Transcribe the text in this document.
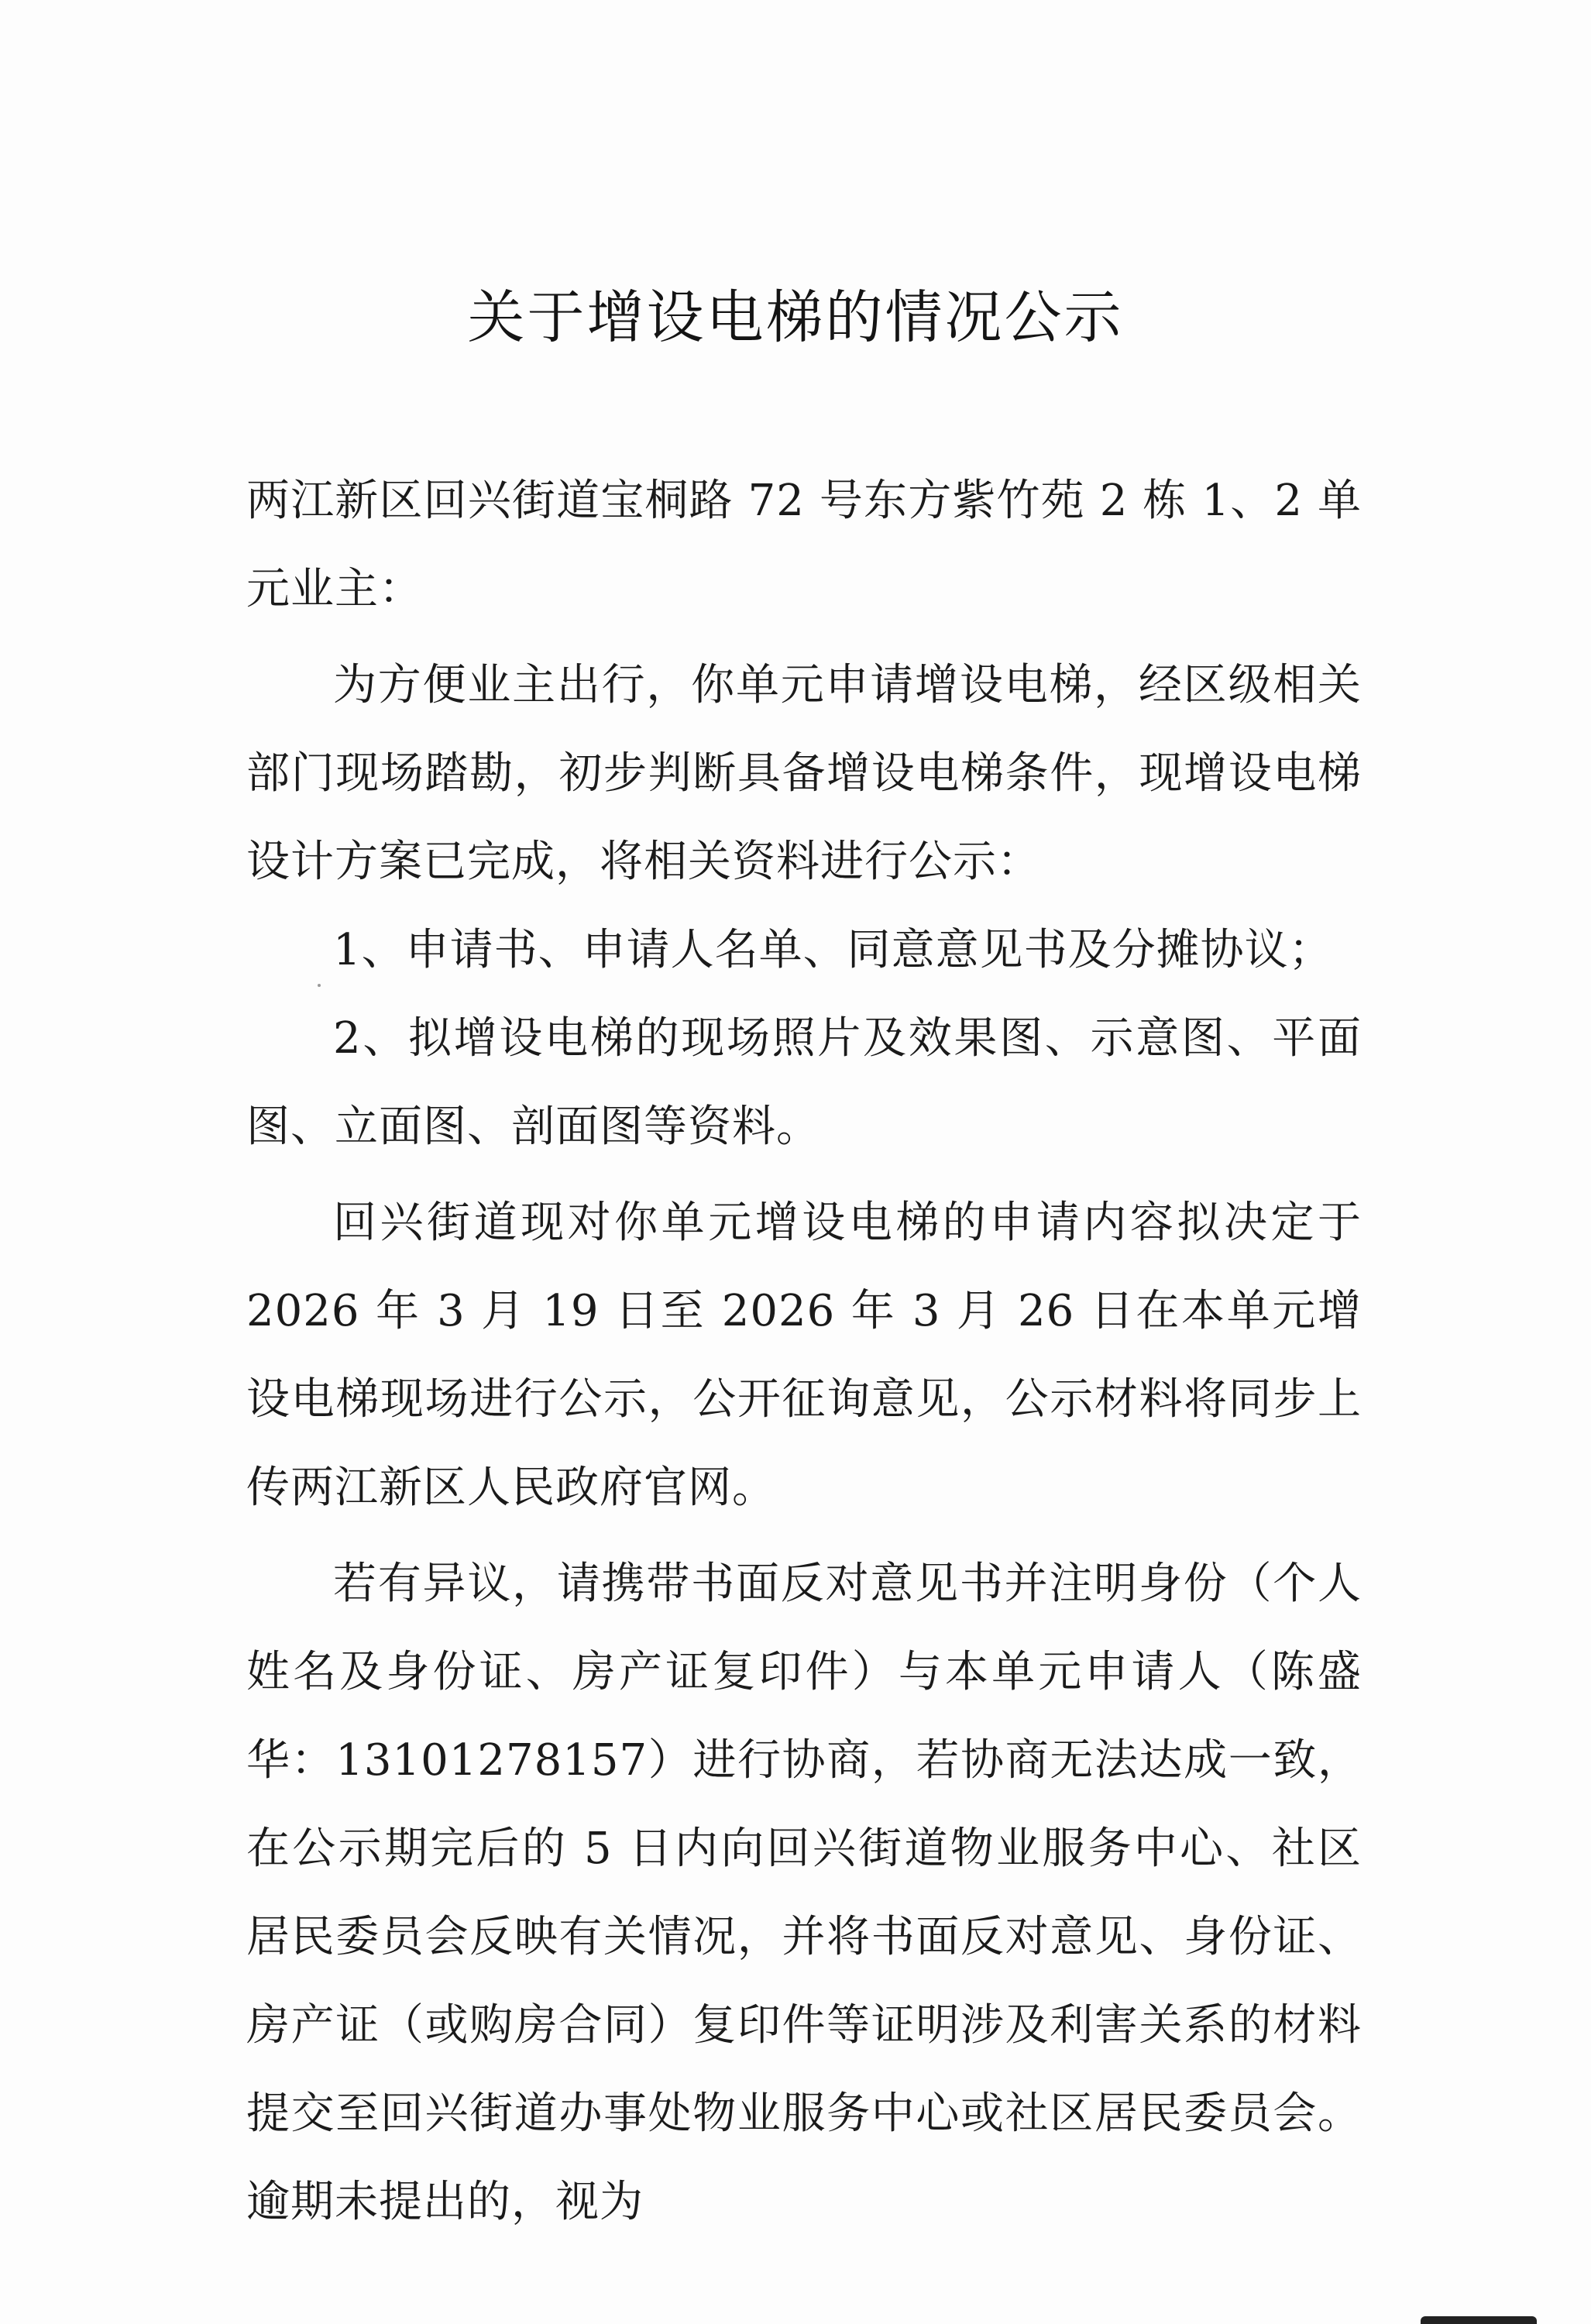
关于增设电梯的情况公示

两江新区回兴街道宝桐路 72 号东方紫竹苑 2 栋 1、2 单元业主：

为方便业主出行，你单元申请增设电梯，经区级相关部门现场踏勘，初步判断具备增设电梯条件，现增设电梯设计方案已完成，将相关资料进行公示：

1、申请书、申请人名单、同意意见书及分摊协议；

2、拟增设电梯的现场照片及效果图、示意图、平面图、立面图、剖面图等资料。

回兴街道现对你单元增设电梯的申请内容拟决定于 2026 年 3 月 19 日至 2026 年 3 月 26 日在本单元增设电梯现场进行公示，公开征询意见，公示材料将同步上传两江新区人民政府官网。

若有异议，请携带书面反对意见书并注明身份（个人姓名及身份证、房产证复印件）与本单元申请人（陈盛华：13101278157）进行协商，若协商无法达成一致，在公示期完后的 5 日内向回兴街道物业服务中心、社区居民委员会反映有关情况，并将书面反对意见、身份证、房产证（或购房合同）复印件等证明涉及利害关系的材料提交至回兴街道办事处物业服务中心或社区居民委员会。逾期未提出的，视为
